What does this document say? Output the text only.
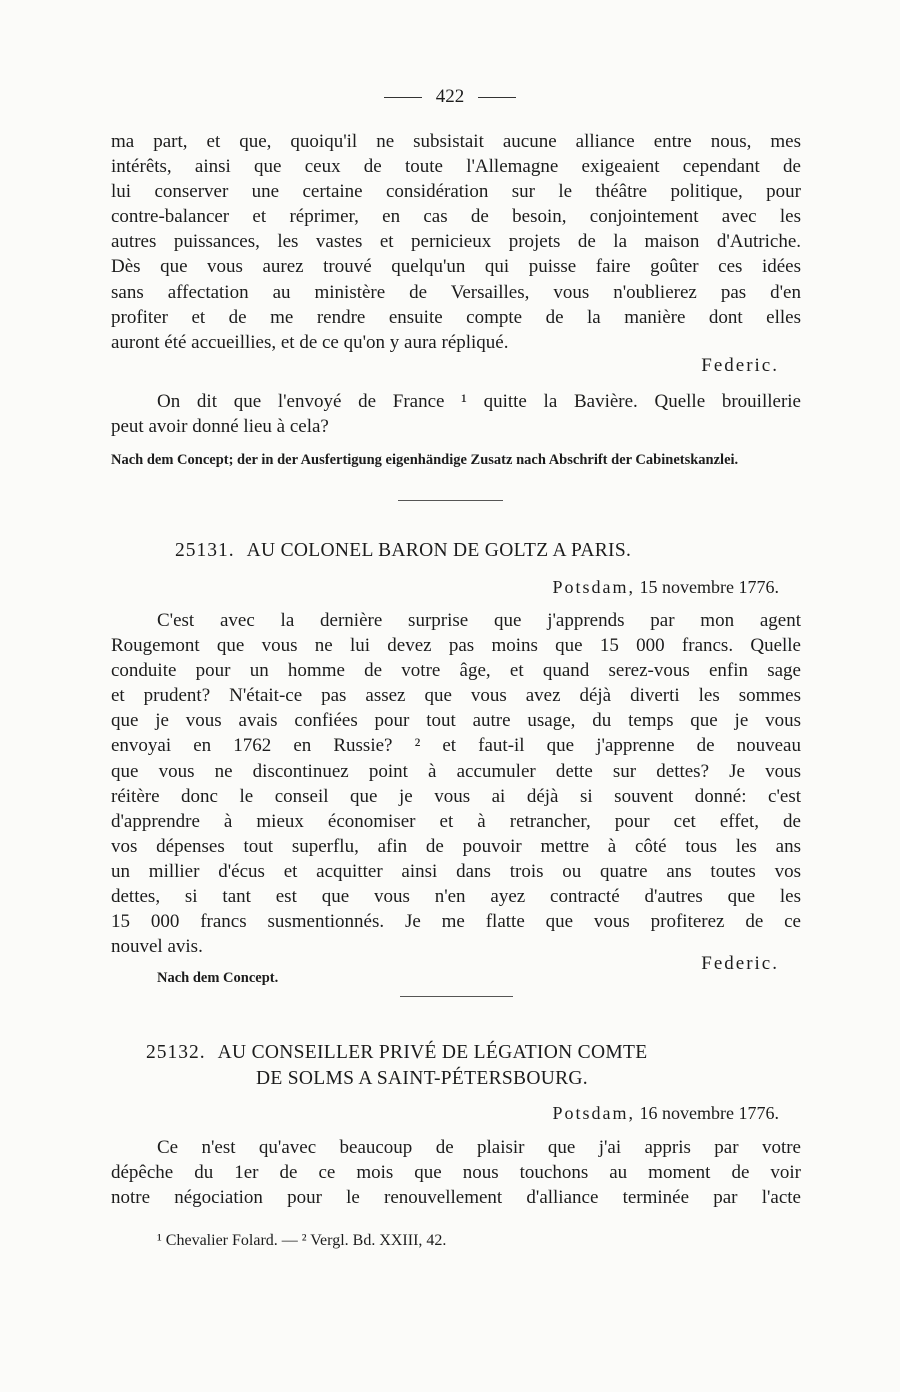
422
ma part, et que, quoiqu'il ne subsistait aucune alliance entre nous, mes
intérêts, ainsi que ceux de toute l'Allemagne exigeaient cependant de
lui conserver une certaine considération sur le théâtre politique, pour
contre-balancer et réprimer, en cas de besoin, conjointement avec les
autres puissances, les vastes et pernicieux projets de la maison d'Autriche.
Dès que vous aurez trouvé quelqu'un qui puisse faire goûter ces idées
sans affectation au ministère de Versailles, vous n'oublierez pas d'en
profiter et de me rendre ensuite compte de la manière dont elles
auront été accueillies, et de ce qu'on y aura répliqué.
Federic.
On dit que l'envoyé de France ¹ quitte la Bavière. Quelle brouillerie
peut avoir donné lieu à cela?
Nach dem Concept; der in der Ausfertigung eigenhändige Zusatz nach Abschrift der Cabinetskanzlei.
25131. AU COLONEL BARON DE GOLTZ A PARIS.
Potsdam, 15 novembre 1776.
C'est avec la dernière surprise que j'apprends par mon agent
Rougemont que vous ne lui devez pas moins que 15 000 francs. Quelle
conduite pour un homme de votre âge, et quand serez-vous enfin sage
et prudent? N'était-ce pas assez que vous avez déjà diverti les sommes
que je vous avais confiées pour tout autre usage, du temps que je vous
envoyai en 1762 en Russie? ² et faut-il que j'apprenne de nouveau
que vous ne discontinuez point à accumuler dette sur dettes? Je vous
réitère donc le conseil que je vous ai déjà si souvent donné: c'est
d'apprendre à mieux économiser et à retrancher, pour cet effet, de
vos dépenses tout superflu, afin de pouvoir mettre à côté tous les ans
un millier d'écus et acquitter ainsi dans trois ou quatre ans toutes vos
dettes, si tant est que vous n'en ayez contracté d'autres que les
15 000 francs susmentionnés. Je me flatte que vous profiterez de ce
nouvel avis.
Federic.
Nach dem Concept.
25132. AU CONSEILLER PRIVÉ DE LÉGATION COMTE
DE SOLMS A SAINT-PÉTERSBOURG.
Potsdam, 16 novembre 1776.
Ce n'est qu'avec beaucoup de plaisir que j'ai appris par votre
dépêche du 1er de ce mois que nous touchons au moment de voir
notre négociation pour le renouvellement d'alliance terminée par l'acte
¹ Chevalier Folard. — ² Vergl. Bd. XXIII, 42.
